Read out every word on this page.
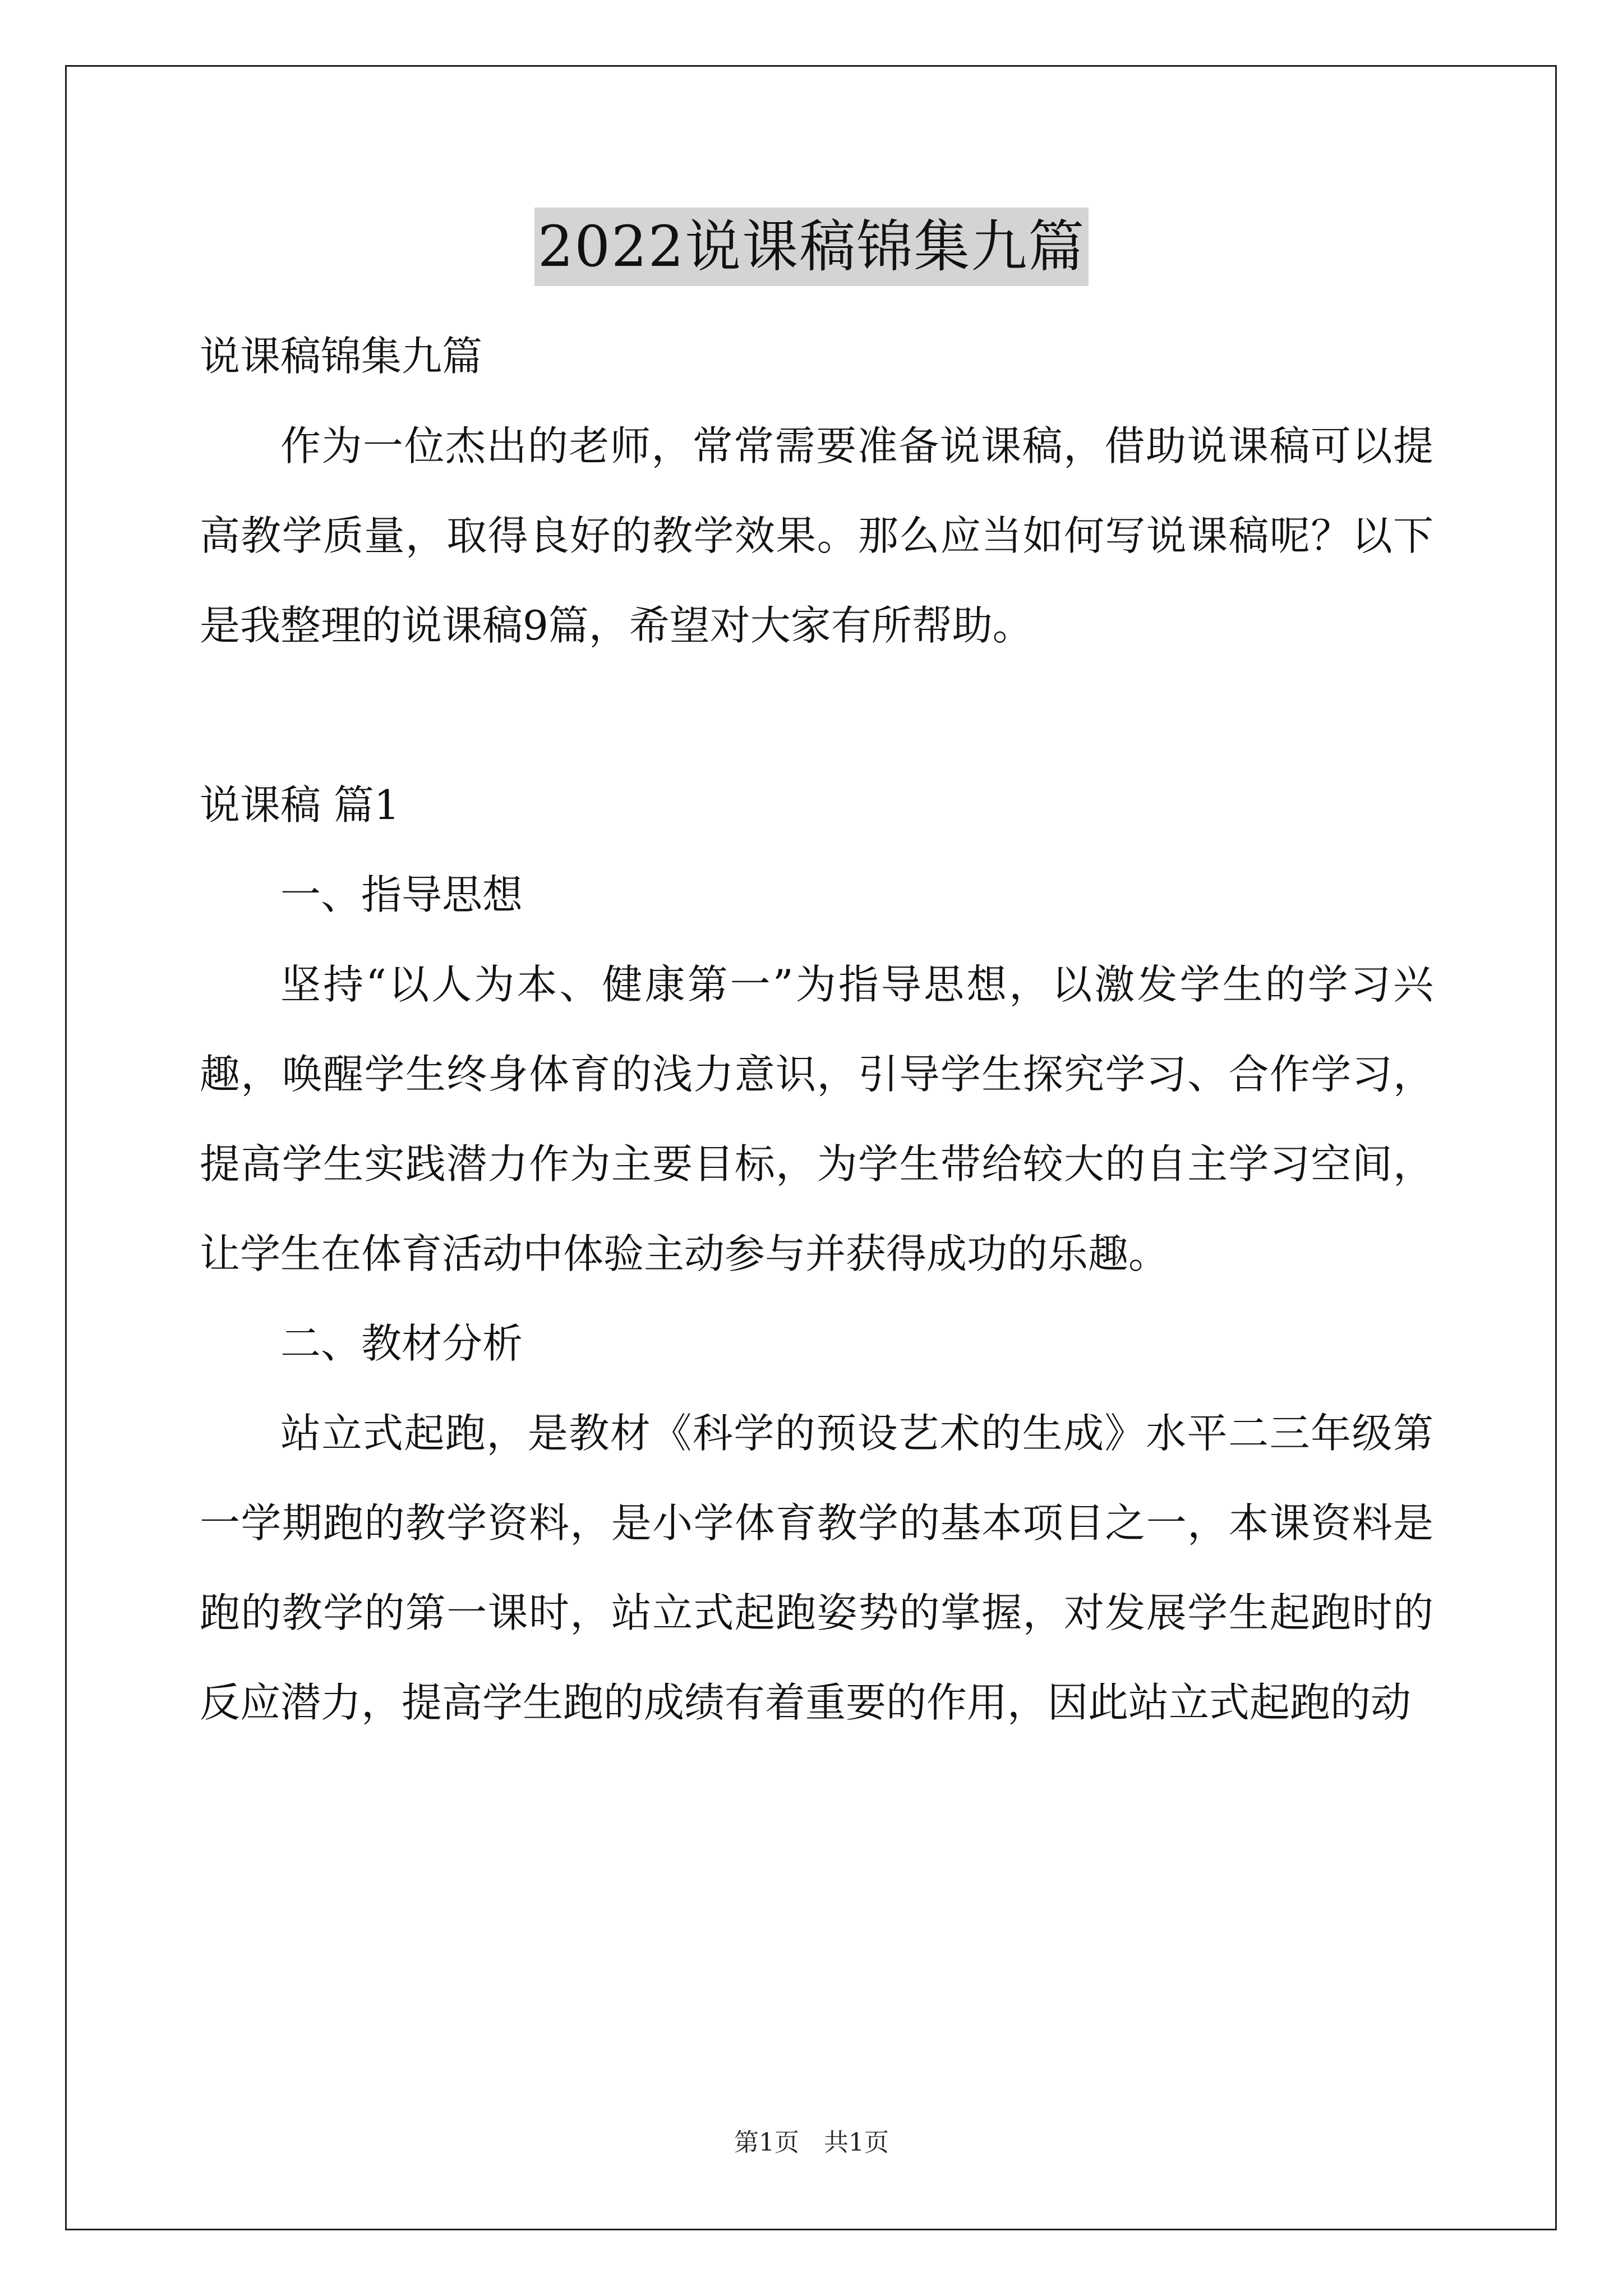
2022说课稿锦集九篇

说课稿锦集九篇

作为一位杰出的老师，常常需要准备说课稿，借助说课稿可以提高教学质量，取得良好的教学效果。那么应当如何写说课稿呢？以下是我整理的说课稿9篇，希望对大家有所帮助。

说课稿 篇1

一、指导思想

坚持“以人为本、健康第一”为指导思想，以激发学生的学习兴趣，唤醒学生终身体育的浅力意识，引导学生探究学习、合作学习，提高学生实践潜力作为主要目标，为学生带给较大的自主学习空间，让学生在体育活动中体验主动参与并获得成功的乐趣。

二、教材分析

站立式起跑，是教材《科学的预设艺术的生成》水平二三年级第一学期跑的教学资料，是小学体育教学的基本项目之一，本课资料是跑的教学的第一课时，站立式起跑姿势的掌握，对发展学生起跑时的反应潜力，提高学生跑的成绩有着重要的作用，因此站立式起跑的动

第1页　共1页
